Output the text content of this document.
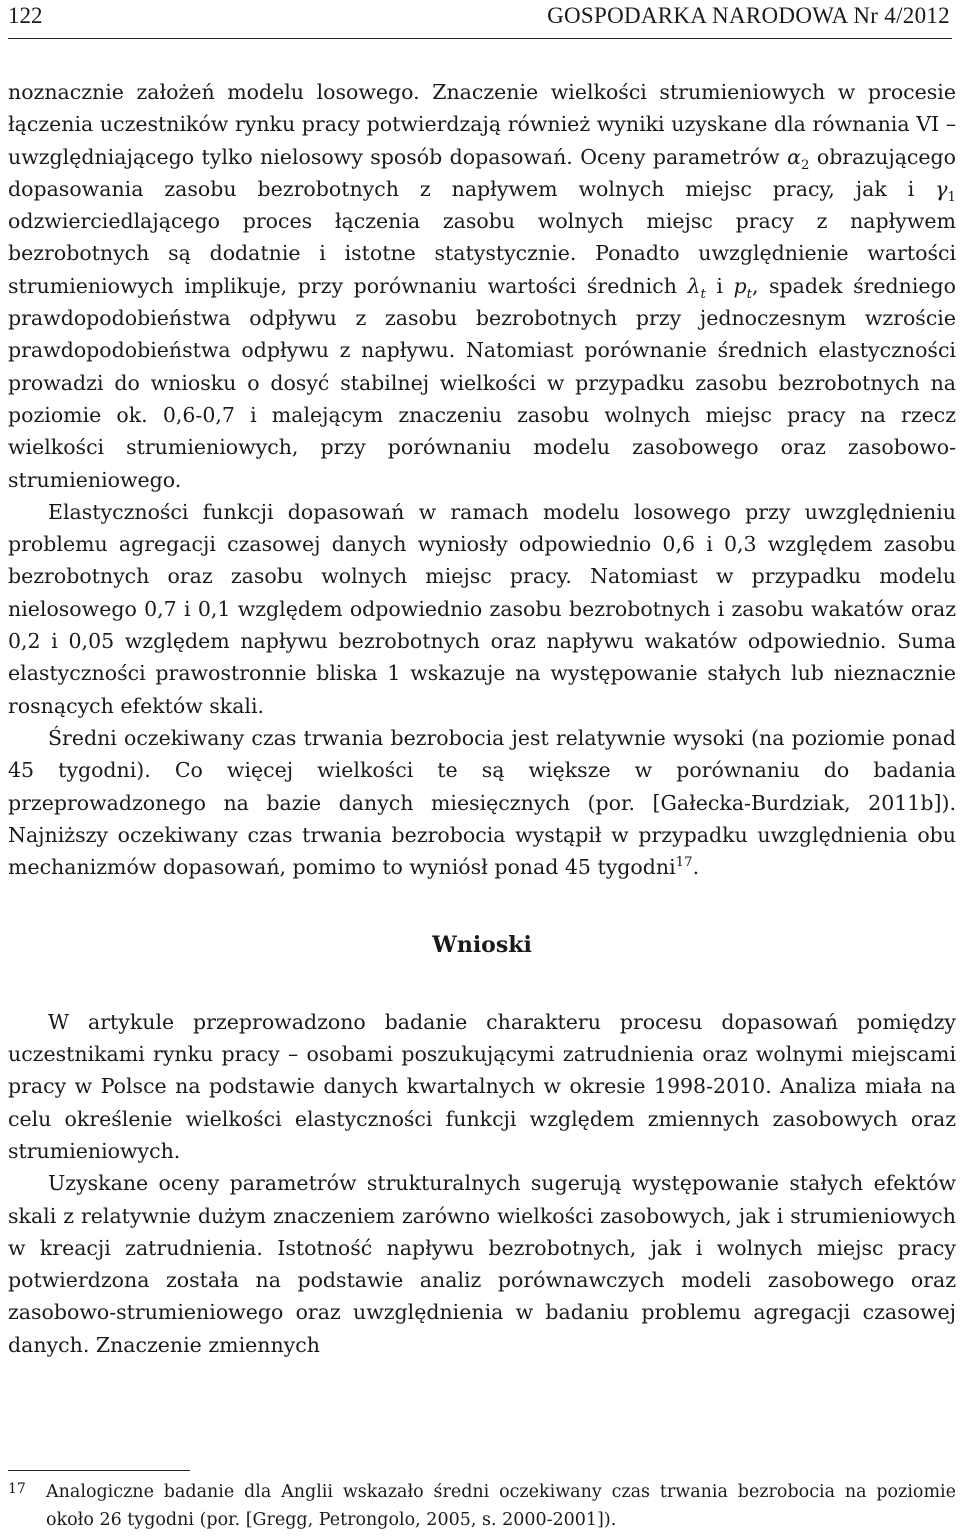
122	GOSPODARKA NARODOWA Nr 4/2012

noznacznie założeń modelu losowego. Znaczenie wielkości strumieniowych w procesie łączenia uczestników rynku pracy potwierdzają również wyniki uzyskane dla równania VI – uwzględniającego tylko nielosowy sposób dopasowań. Oceny parametrów $\alpha_2$ obrazującego dopasowania zasobu bezrobotnych z napływem wolnych miejsc pracy, jak i $\gamma_1$ odzwierciedlającego proces łączenia zasobu wolnych miejsc pracy z napływem bezrobotnych są dodatnie i istotne statystycznie. Ponadto uwzględnienie wartości strumieniowych implikuje, przy porównaniu wartości średnich $\lambda_t$ i $p_t$, spadek średniego prawdopodobieństwa odpływu z zasobu bezrobotnych przy jednoczesnym wzroście prawdopodobieństwa odpływu z napływu. Natomiast porównanie średnich elastyczności prowadzi do wniosku o dosyć stabilnej wielkości w przypadku zasobu bezrobotnych na poziomie ok. 0,6-0,7 i malejącym znaczeniu zasobu wolnych miejsc pracy na rzecz wielkości strumieniowych, przy porównaniu modelu zasobowego oraz zasobowo-strumieniowego.

Elastyczności funkcji dopasowań w ramach modelu losowego przy uwzględnieniu problemu agregacji czasowej danych wyniosły odpowiednio 0,6 i 0,3 względem zasobu bezrobotnych oraz zasobu wolnych miejsc pracy. Natomiast w przypadku modelu nielosowego 0,7 i 0,1 względem odpowiednio zasobu bezrobotnych i zasobu wakatów oraz 0,2 i 0,05 względem napływu bezrobotnych oraz napływu wakatów odpowiednio. Suma elastyczności prawostronnie bliska 1 wskazuje na występowanie stałych lub nieznacznie rosnących efektów skali.

Średni oczekiwany czas trwania bezrobocia jest relatywnie wysoki (na poziomie ponad 45 tygodni). Co więcej wielkości te są większe w porównaniu do badania przeprowadzonego na bazie danych miesięcznych (por. [Gałecka-Burdziak, 2011b]). Najniższy oczekiwany czas trwania bezrobocia wystąpił w przypadku uwzględnienia obu mechanizmów dopasowań, pomimo to wyniósł ponad 45 tygodni$^{17}$.

Wnioski

W artykule przeprowadzono badanie charakteru procesu dopasowań pomiędzy uczestnikami rynku pracy – osobami poszukującymi zatrudnienia oraz wolnymi miejscami pracy w Polsce na podstawie danych kwartalnych w okresie 1998-2010. Analiza miała na celu określenie wielkości elastyczności funkcji względem zmiennych zasobowych oraz strumieniowych.

Uzyskane oceny parametrów strukturalnych sugerują występowanie stałych efektów skali z relatywnie dużym znaczeniem zarówno wielkości zasobowych, jak i strumieniowych w kreacji zatrudnienia. Istotność napływu bezrobotnych, jak i wolnych miejsc pracy potwierdzona została na podstawie analiz porównawczych modeli zasobowego oraz zasobowo-strumieniowego oraz uwzględnienia w badaniu problemu agregacji czasowej danych. Znaczenie zmiennych

17 Analogiczne badanie dla Anglii wskazało średni oczekiwany czas trwania bezrobocia na poziomie około 26 tygodni (por. [Gregg, Petrongolo, 2005, s. 2000-2001]).
